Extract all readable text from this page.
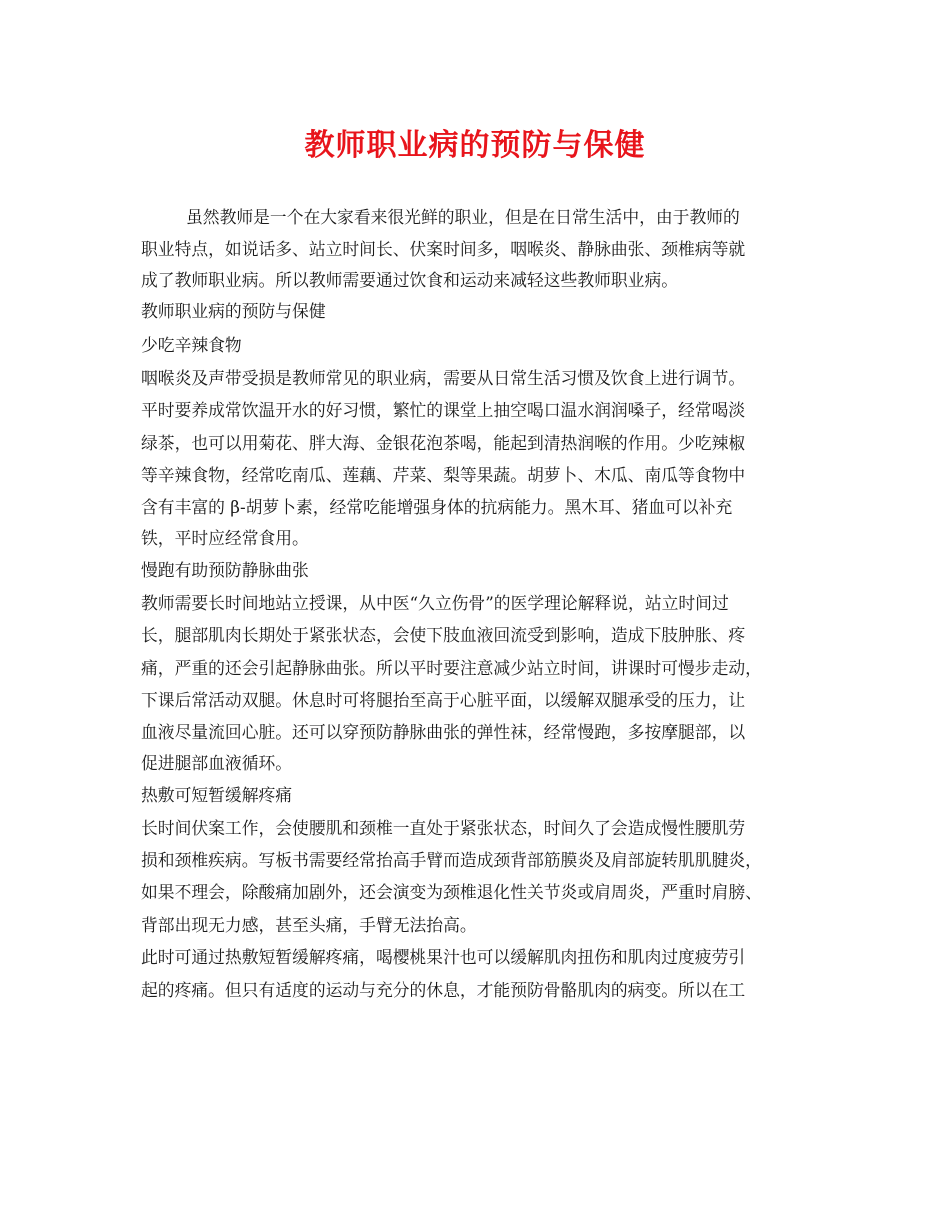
教师职业病的预防与保健
虽然教师是一个在大家看来很光鲜的职业，但是在日常生活中，由于教师的
职业特点，如说话多、站立时间长、伏案时间多，咽喉炎、静脉曲张、颈椎病等就
成了教师职业病。所以教师需要通过饮食和运动来减轻这些教师职业病。
教师职业病的预防与保健
少吃辛辣食物
咽喉炎及声带受损是教师常见的职业病，需要从日常生活习惯及饮食上进行调节。
平时要养成常饮温开水的好习惯，繁忙的课堂上抽空喝口温水润润嗓子，经常喝淡
绿茶，也可以用菊花、胖大海、金银花泡茶喝，能起到清热润喉的作用。少吃辣椒
等辛辣食物，经常吃南瓜、莲藕、芹菜、梨等果蔬。胡萝卜、木瓜、南瓜等食物中
含有丰富的 β-胡萝卜素，经常吃能增强身体的抗病能力。黑木耳、猪血可以补充
铁，平时应经常食用。
慢跑有助预防静脉曲张
教师需要长时间地站立授课，从中医“久立伤骨”的医学理论解释说，站立时间过
长，腿部肌肉长期处于紧张状态，会使下肢血液回流受到影响，造成下肢肿胀、疼
痛，严重的还会引起静脉曲张。所以平时要注意减少站立时间，讲课时可慢步走动，
下课后常活动双腿。休息时可将腿抬至高于心脏平面，以缓解双腿承受的压力，让
血液尽量流回心脏。还可以穿预防静脉曲张的弹性袜，经常慢跑，多按摩腿部，以
促进腿部血液循环。
热敷可短暂缓解疼痛
长时间伏案工作，会使腰肌和颈椎一直处于紧张状态，时间久了会造成慢性腰肌劳
损和颈椎疾病。写板书需要经常抬高手臂而造成颈背部筋膜炎及肩部旋转肌肌腱炎，
如果不理会，除酸痛加剧外，还会演变为颈椎退化性关节炎或肩周炎，严重时肩膀、
背部出现无力感，甚至头痛，手臂无法抬高。
此时可通过热敷短暂缓解疼痛，喝樱桃果汁也可以缓解肌肉扭伤和肌肉过度疲劳引
起的疼痛。但只有适度的运动与充分的休息，才能预防骨骼肌肉的病变。所以在工
